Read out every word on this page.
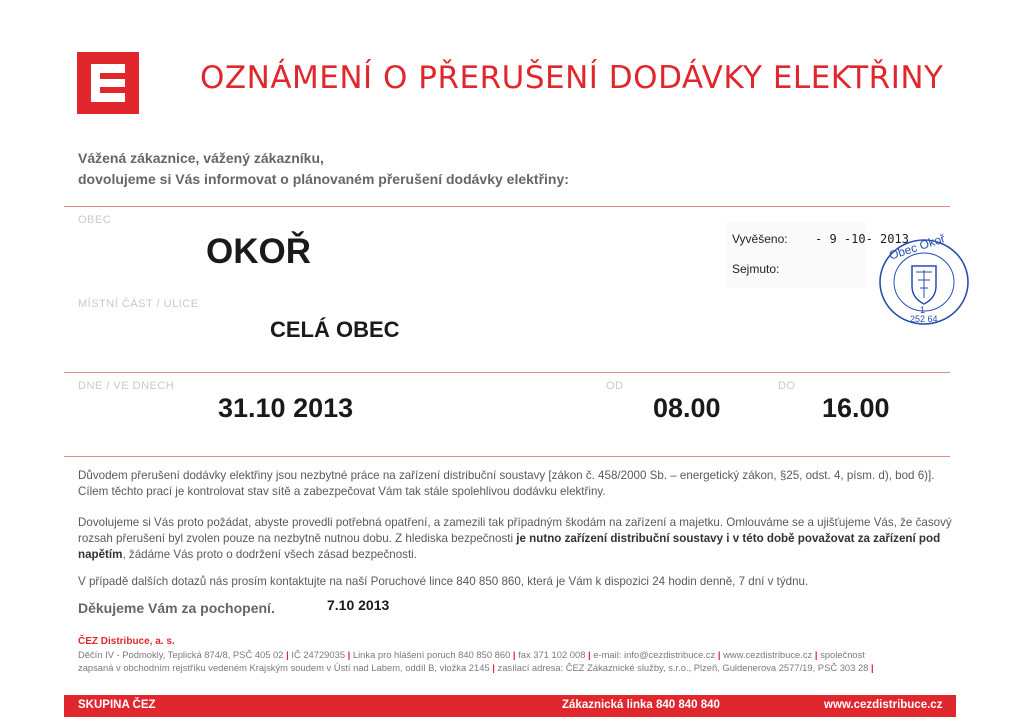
OZNÁMENÍ O PŘERUŠENÍ DODÁVKY ELEKTŘINY
Vážená zákaznice, vážený zákazníku,
dovolujeme si Vás informovat o plánovaném přerušení dodávky elektřiny:
OBEC
OKOŘ	Vyvěšeno: - 9 -10- 2013
Sejmuto:
Obec Okoř
1
252 64
MÍSTNÍ ČÁST / ULICE
CELÁ OBEC
DNE / VE DNECH
31.10 2013
OD
08.00
DO
16.00
Důvodem přerušení dodávky elektřiny jsou nezbytné práce na zařízení distribuční soustavy [zákon č. 458/2000 Sb. – energetický zákon, §25, odst. 4, písm. d), bod 6)]. Cílem těchto prací je kontrolovat stav sítě a zabezpečovat Vám tak stále spolehlivou dodávku elektřiny.
Dovolujeme si Vás proto požádat, abyste provedli potřebná opatření, a zamezili tak případným škodám na zařízení a majetku. Omlouváme se a ujišťujeme Vás, že časový rozsah přerušení byl zvolen pouze na nezbytně nutnou dobu. Z hlediska bezpečnosti je nutno zařízení distribuční soustavy i v této době považovat za zařízení pod napětím, žádáme Vás proto o dodržení všech zásad bezpečnosti.
V případě dalších dotazů nás prosím kontaktujte na naší Poruchové lince 840 850 860, která je Vám k dispozici 24 hodin denně, 7 dní v týdnu.
Děkujeme Vám za pochopení.	7.10 2013
ČEZ Distribuce, a. s.
Děčín IV - Podmokly, Teplická 874/8, PSČ 405 02 | IČ 24729035 | Linka pro hlášení poruch 840 850 860 | fax 371 102 008 | e-mail: info@cezdistribuce.cz | www.cezdistribuce.cz | společnost
zapsaná v obchodním rejstříku vedeném Krajským soudem v Ústí nad Labem, oddíl B, vložka 2145 | zasílací adresa: ČEZ Zákaznické služby, s.r.o., Plzeň, Guldenerova 2577/19, PSČ 303 28 |
SKUPINA ČEZ	Zákaznická linka 840 840 840	www.cezdistribuce.cz
